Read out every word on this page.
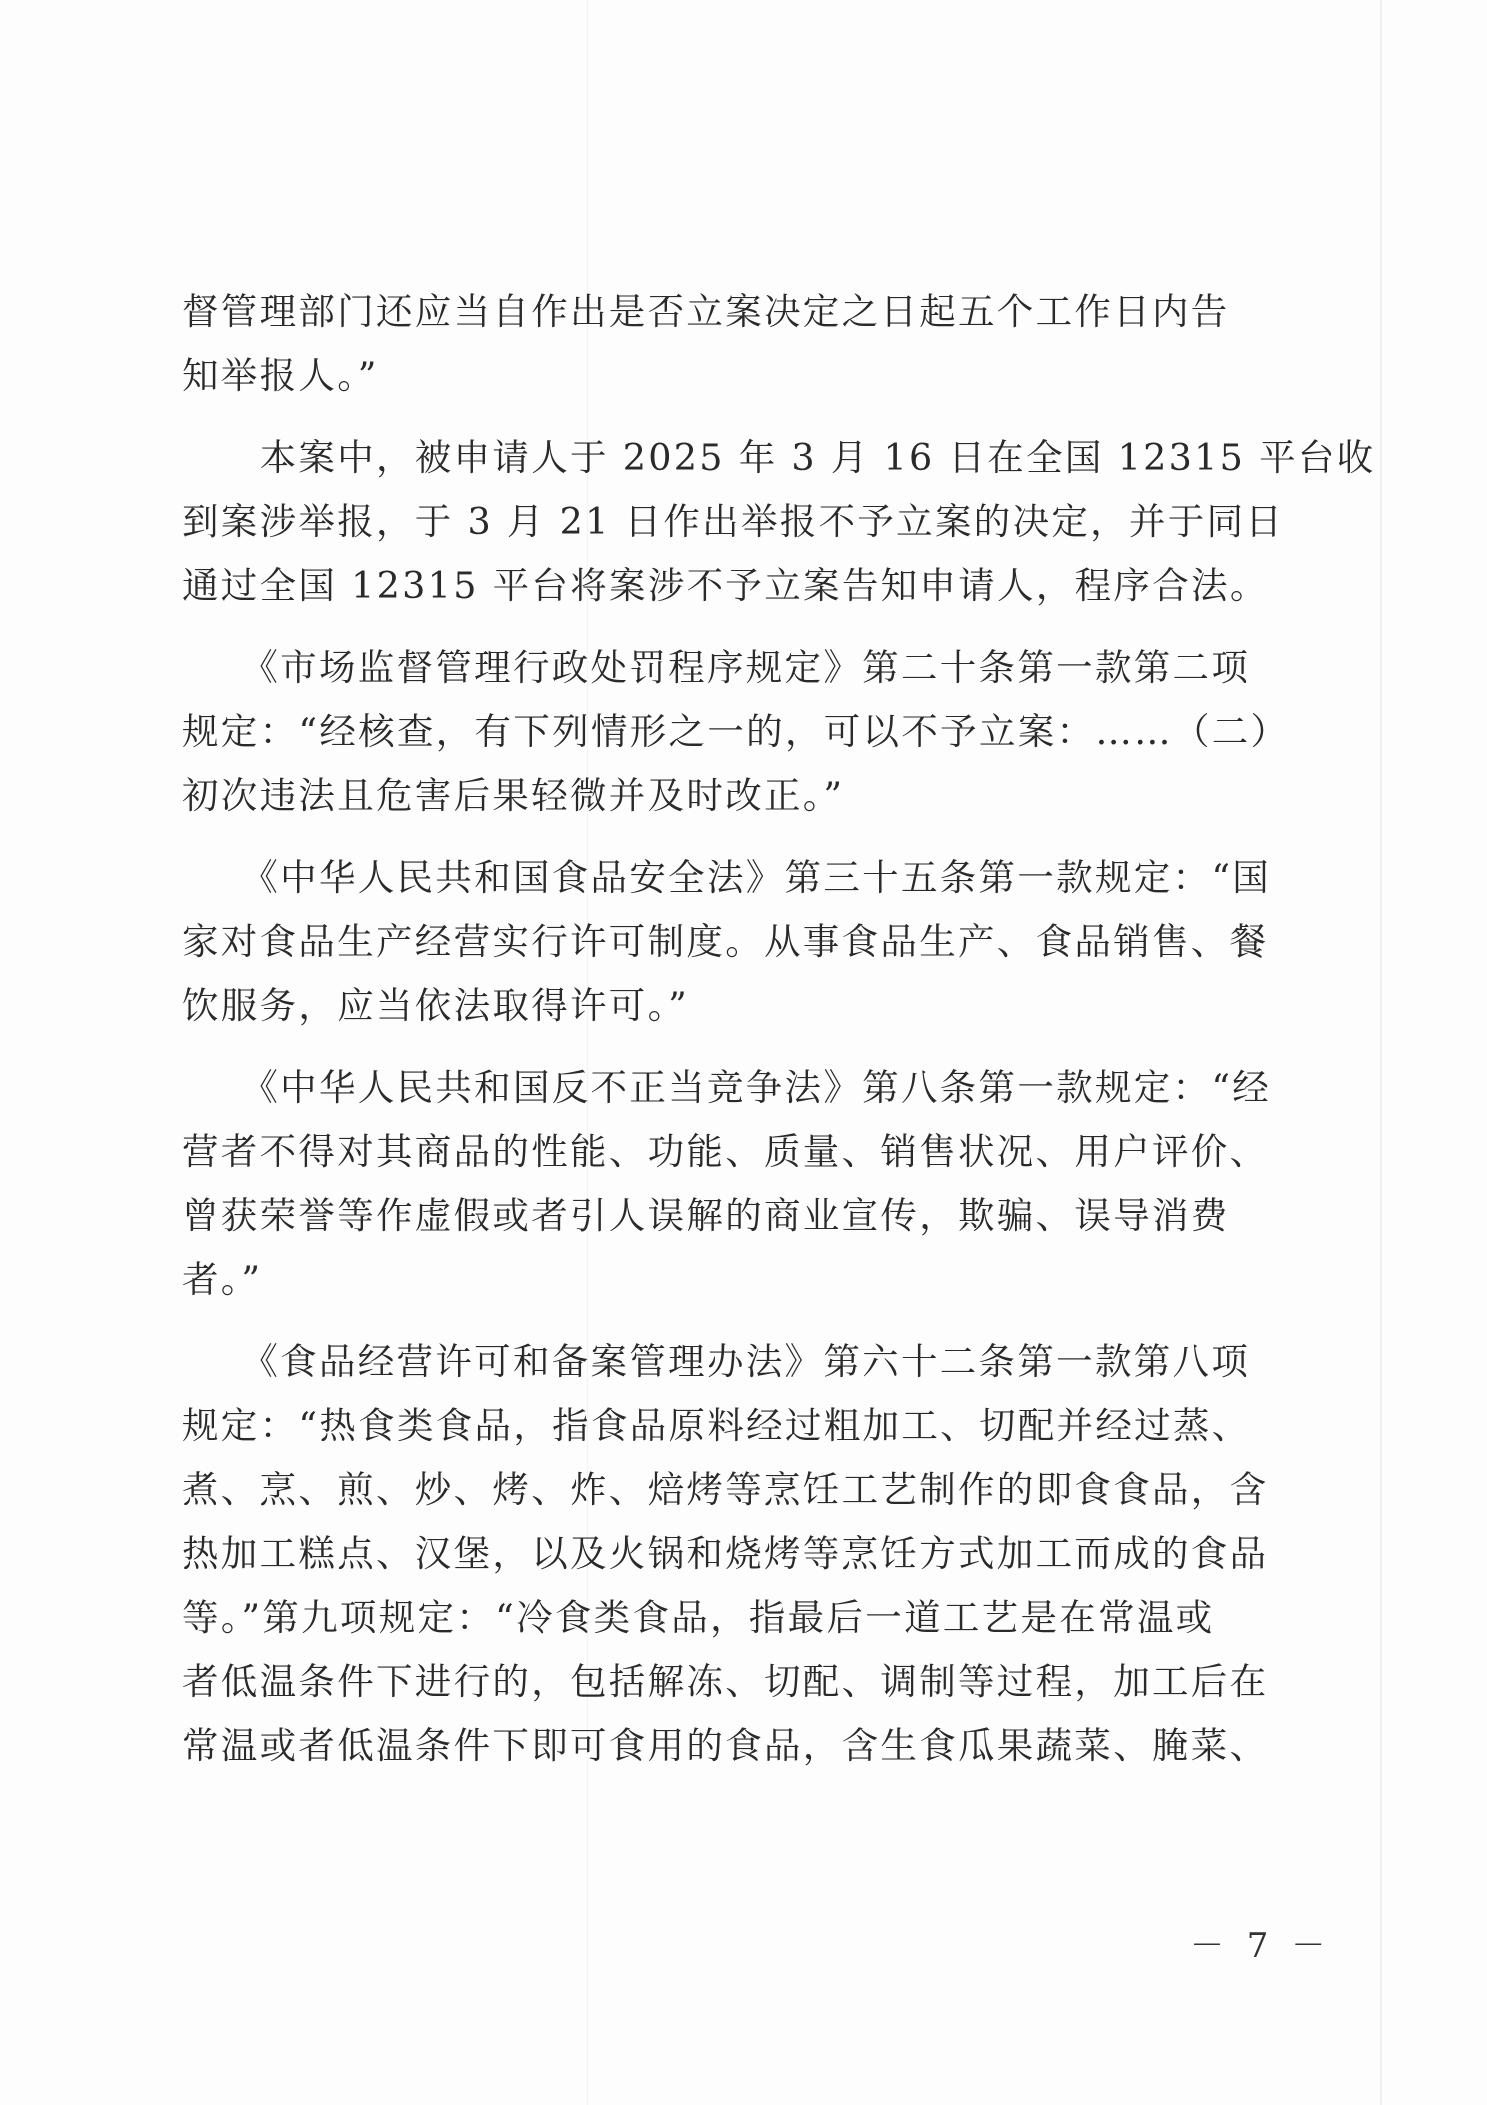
督管理部门还应当自作出是否立案决定之日起五个工作日内告
知举报人。”
　　本案中，被申请人于 2025 年 3 月 16 日在全国 12315 平台收
到案涉举报，于 3 月 21 日作出举报不予立案的决定，并于同日
通过全国 12315 平台将案涉不予立案告知申请人，程序合法。
　　《市场监督管理行政处罚程序规定》第二十条第一款第二项
规定：“经核查，有下列情形之一的，可以不予立案：……（二）
初次违法且危害后果轻微并及时改正。”
　　《中华人民共和国食品安全法》第三十五条第一款规定：“国
家对食品生产经营实行许可制度。从事食品生产、食品销售、餐
饮服务，应当依法取得许可。”
　　《中华人民共和国反不正当竞争法》第八条第一款规定：“经
营者不得对其商品的性能、功能、质量、销售状况、用户评价、
曾获荣誉等作虚假或者引人误解的商业宣传，欺骗、误导消费
者。”
　　《食品经营许可和备案管理办法》第六十二条第一款第八项
规定：“热食类食品，指食品原料经过粗加工、切配并经过蒸、
煮、烹、煎、炒、烤、炸、焙烤等烹饪工艺制作的即食食品，含
热加工糕点、汉堡，以及火锅和烧烤等烹饪方式加工而成的食品
等。”第九项规定：“冷食类食品，指最后一道工艺是在常温或
者低温条件下进行的，包括解冻、切配、调制等过程，加工后在
常温或者低温条件下即可食用的食品，含生食瓜果蔬菜、腌菜、
－ 7 －
